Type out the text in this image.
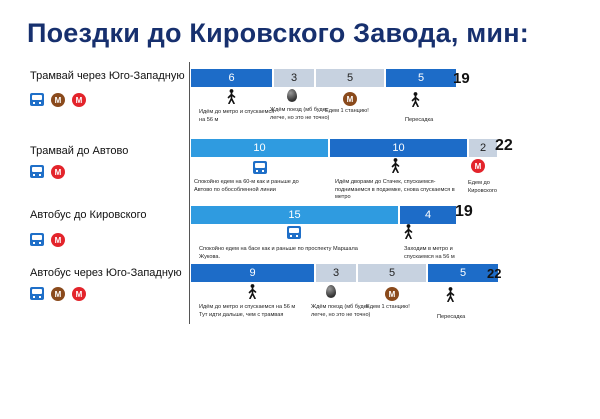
Поездки до Кировского Завода, мин:
Трамвай через Юго-Западную
М	М
6	3	5	5	19
Идём до метро и спускаемся на 56 м
Ждём поезд (мб будет легче, но это не точно)
М
Едем 1 станцию!
Пересадка
Трамвай до Автово
М
10	10	2 22
Спокойно едем на 60-м как и раньше до Автово по обособленной линии
Идём дворами до Стачек, спускаемся-поднимаемся в подземке, снова спускаемся в метро
М
Едем до Кировского
Автобус до Кировского
М
15	4	19
Спокойно едем на басе как и раньше по проспекту Маршала Жукова.
Заходим в метро и спускаемся на 56 м
Автобус через Юго-Западную
М	М
9	3	5	5	22
Идём до метро и спускаемся на 56 м Тут идти дальше, чем с трамвая
Ждём поезд (мб будет легче, но это не точно)
М
Едем 1 станцию!
Пересадка
